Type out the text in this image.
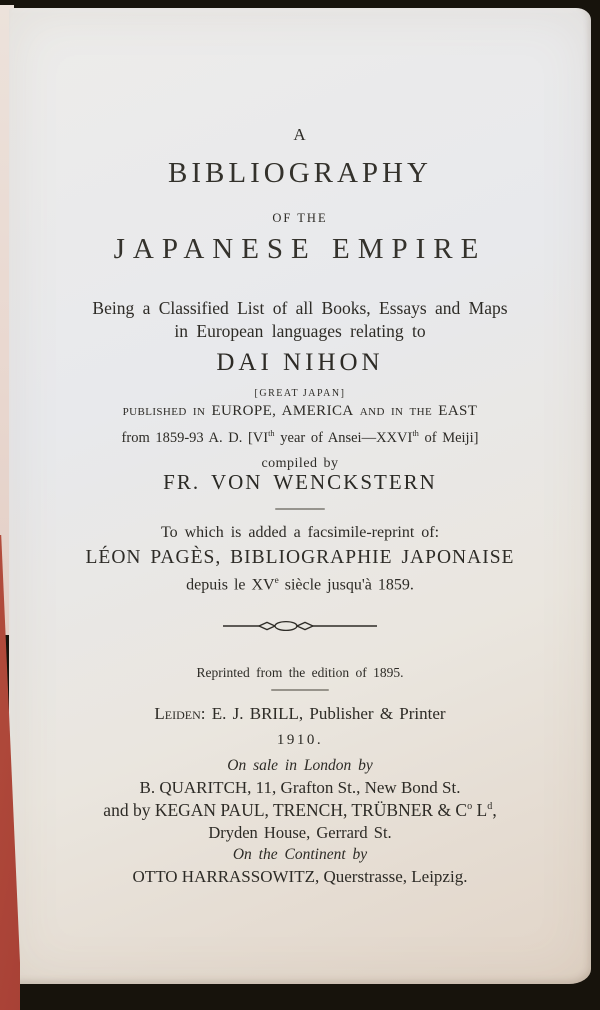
A
BIBLIOGRAPHY
OF THE
JAPANESE EMPIRE
Being a Classified List of all Books, Essays and Maps
in European languages relating to
DAI NIHON
[GREAT JAPAN]
published in EUROPE, AMERICA and in the EAST
from 1859-93 A. D. [VIth year of Ansei—XXVIth of Meiji]
compiled by
FR. VON WENCKSTERN
To which is added a facsimile-reprint of:
LÉON PAGÈS, BIBLIOGRAPHIE JAPONAISE
depuis le XVe siècle jusqu'à 1859.
Reprinted from the edition of 1895.
Leiden: E. J. BRILL, Publisher & Printer
1910.
On sale in London by
B. QUARITCH, 11, Grafton St., New Bond St.
and by KEGAN PAUL, TRENCH, TRÜBNER & $C^o$ $L^d$,
Dryden House, Gerrard St.
On the Continent by
OTTO HARRASSOWITZ, Querstrasse, Leipzig.
